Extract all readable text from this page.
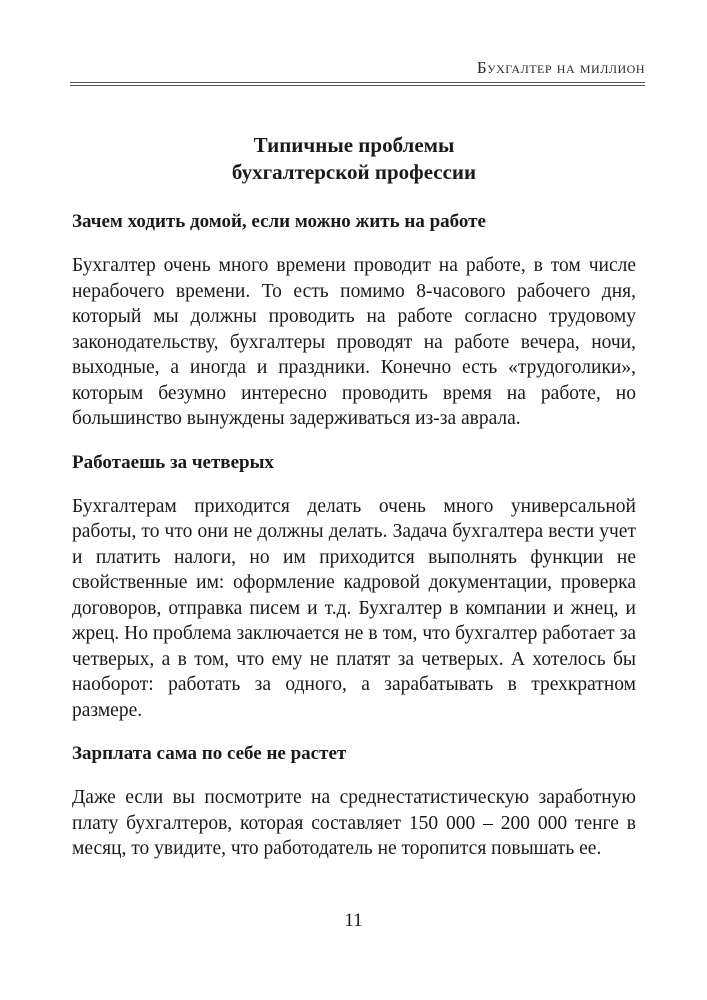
Бухгалтер на миллион
Типичные проблемы
бухгалтерской профессии
Зачем ходить домой, если можно жить на работе

Бухгалтер очень много времени проводит на работе, в том числе нерабочего времени. То есть помимо 8-часового рабочего дня, который мы должны проводить на работе согласно трудовому законодательству, бухгалтеры проводят на работе вечера, ночи, выходные, а иногда и праздники. Конечно есть «трудоголики», которым безумно интересно проводить время на работе, но большинство вынуждены задерживаться из-за аврала.

Работаешь за четверых

Бухгалтерам приходится делать очень много универсальной работы, то что они не должны делать. Задача бухгалтера вести учет и платить налоги, но им приходится выполнять функции не свойственные им: оформление кадровой документации, проверка договоров, отправка писем и т.д. Бухгалтер в компании и жнец, и жрец. Но проблема заключается не в том, что бухгалтер работает за четверых, а в том, что ему не платят за четверых. А хотелось бы наоборот: работать за одного, а зарабатывать в трехкратном размере.

Зарплата сама по себе не растет

Даже если вы посмотрите на среднестатистическую заработную плату бухгалтеров, которая составляет 150 000 – 200 000 тенге в месяц, то увидите, что работодатель не торопится повышать ее.

11
